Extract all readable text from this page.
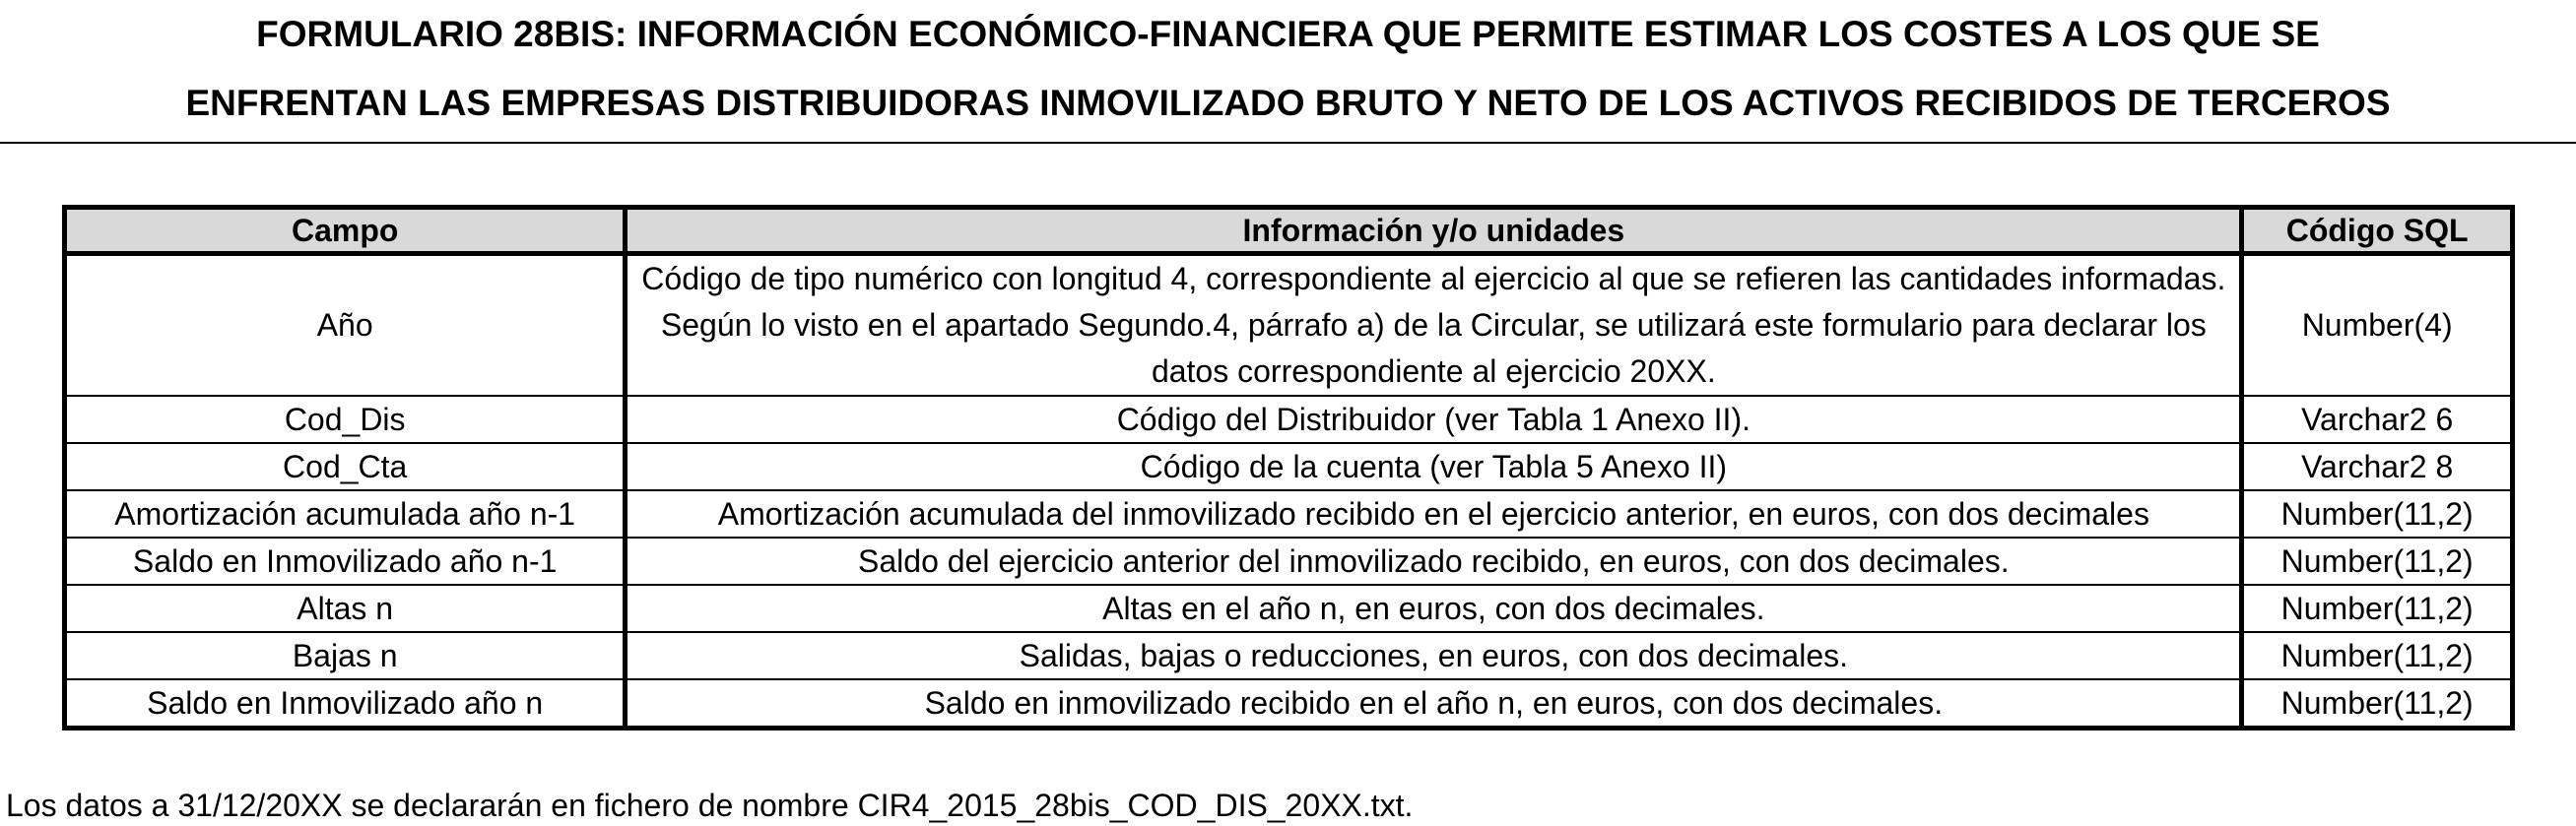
FORMULARIO 28BIS: INFORMACIÓN ECONÓMICO-FINANCIERA QUE PERMITE ESTIMAR LOS COSTES A LOS QUE SE
ENFRENTAN LAS EMPRESAS DISTRIBUIDORAS INMOVILIZADO BRUTO Y NETO DE LOS ACTIVOS RECIBIDOS DE TERCEROS
Campo	Información y/o unidades	Código SQL
Año	Código de tipo numérico con longitud 4, correspondiente al ejercicio al que se refieren las cantidades informadas. Según lo visto en el apartado Segundo.4, párrafo a) de la Circular, se utilizará este formulario para declarar los datos correspondiente al ejercicio 20XX.	Number(4)
Cod_Dis	Código del Distribuidor (ver Tabla 1 Anexo II).	Varchar2 6
Cod_Cta	Código de la cuenta (ver Tabla 5 Anexo II)	Varchar2 8
Amortización acumulada año n-1	Amortización acumulada del inmovilizado recibido en el ejercicio anterior, en euros, con dos decimales	Number(11,2)
Saldo en Inmovilizado año n-1	Saldo del ejercicio anterior del inmovilizado recibido, en euros, con dos decimales.	Number(11,2)
Altas n	Altas en el año n, en euros, con dos decimales.	Number(11,2)
Bajas n	Salidas, bajas o reducciones, en euros, con dos decimales.	Number(11,2)
Saldo en Inmovilizado año n	Saldo en inmovilizado recibido en el año n, en euros, con dos decimales.	Number(11,2)
Los datos a 31/12/20XX se declararán en fichero de nombre CIR4_2015_28bis_COD_DIS_20XX.txt.
